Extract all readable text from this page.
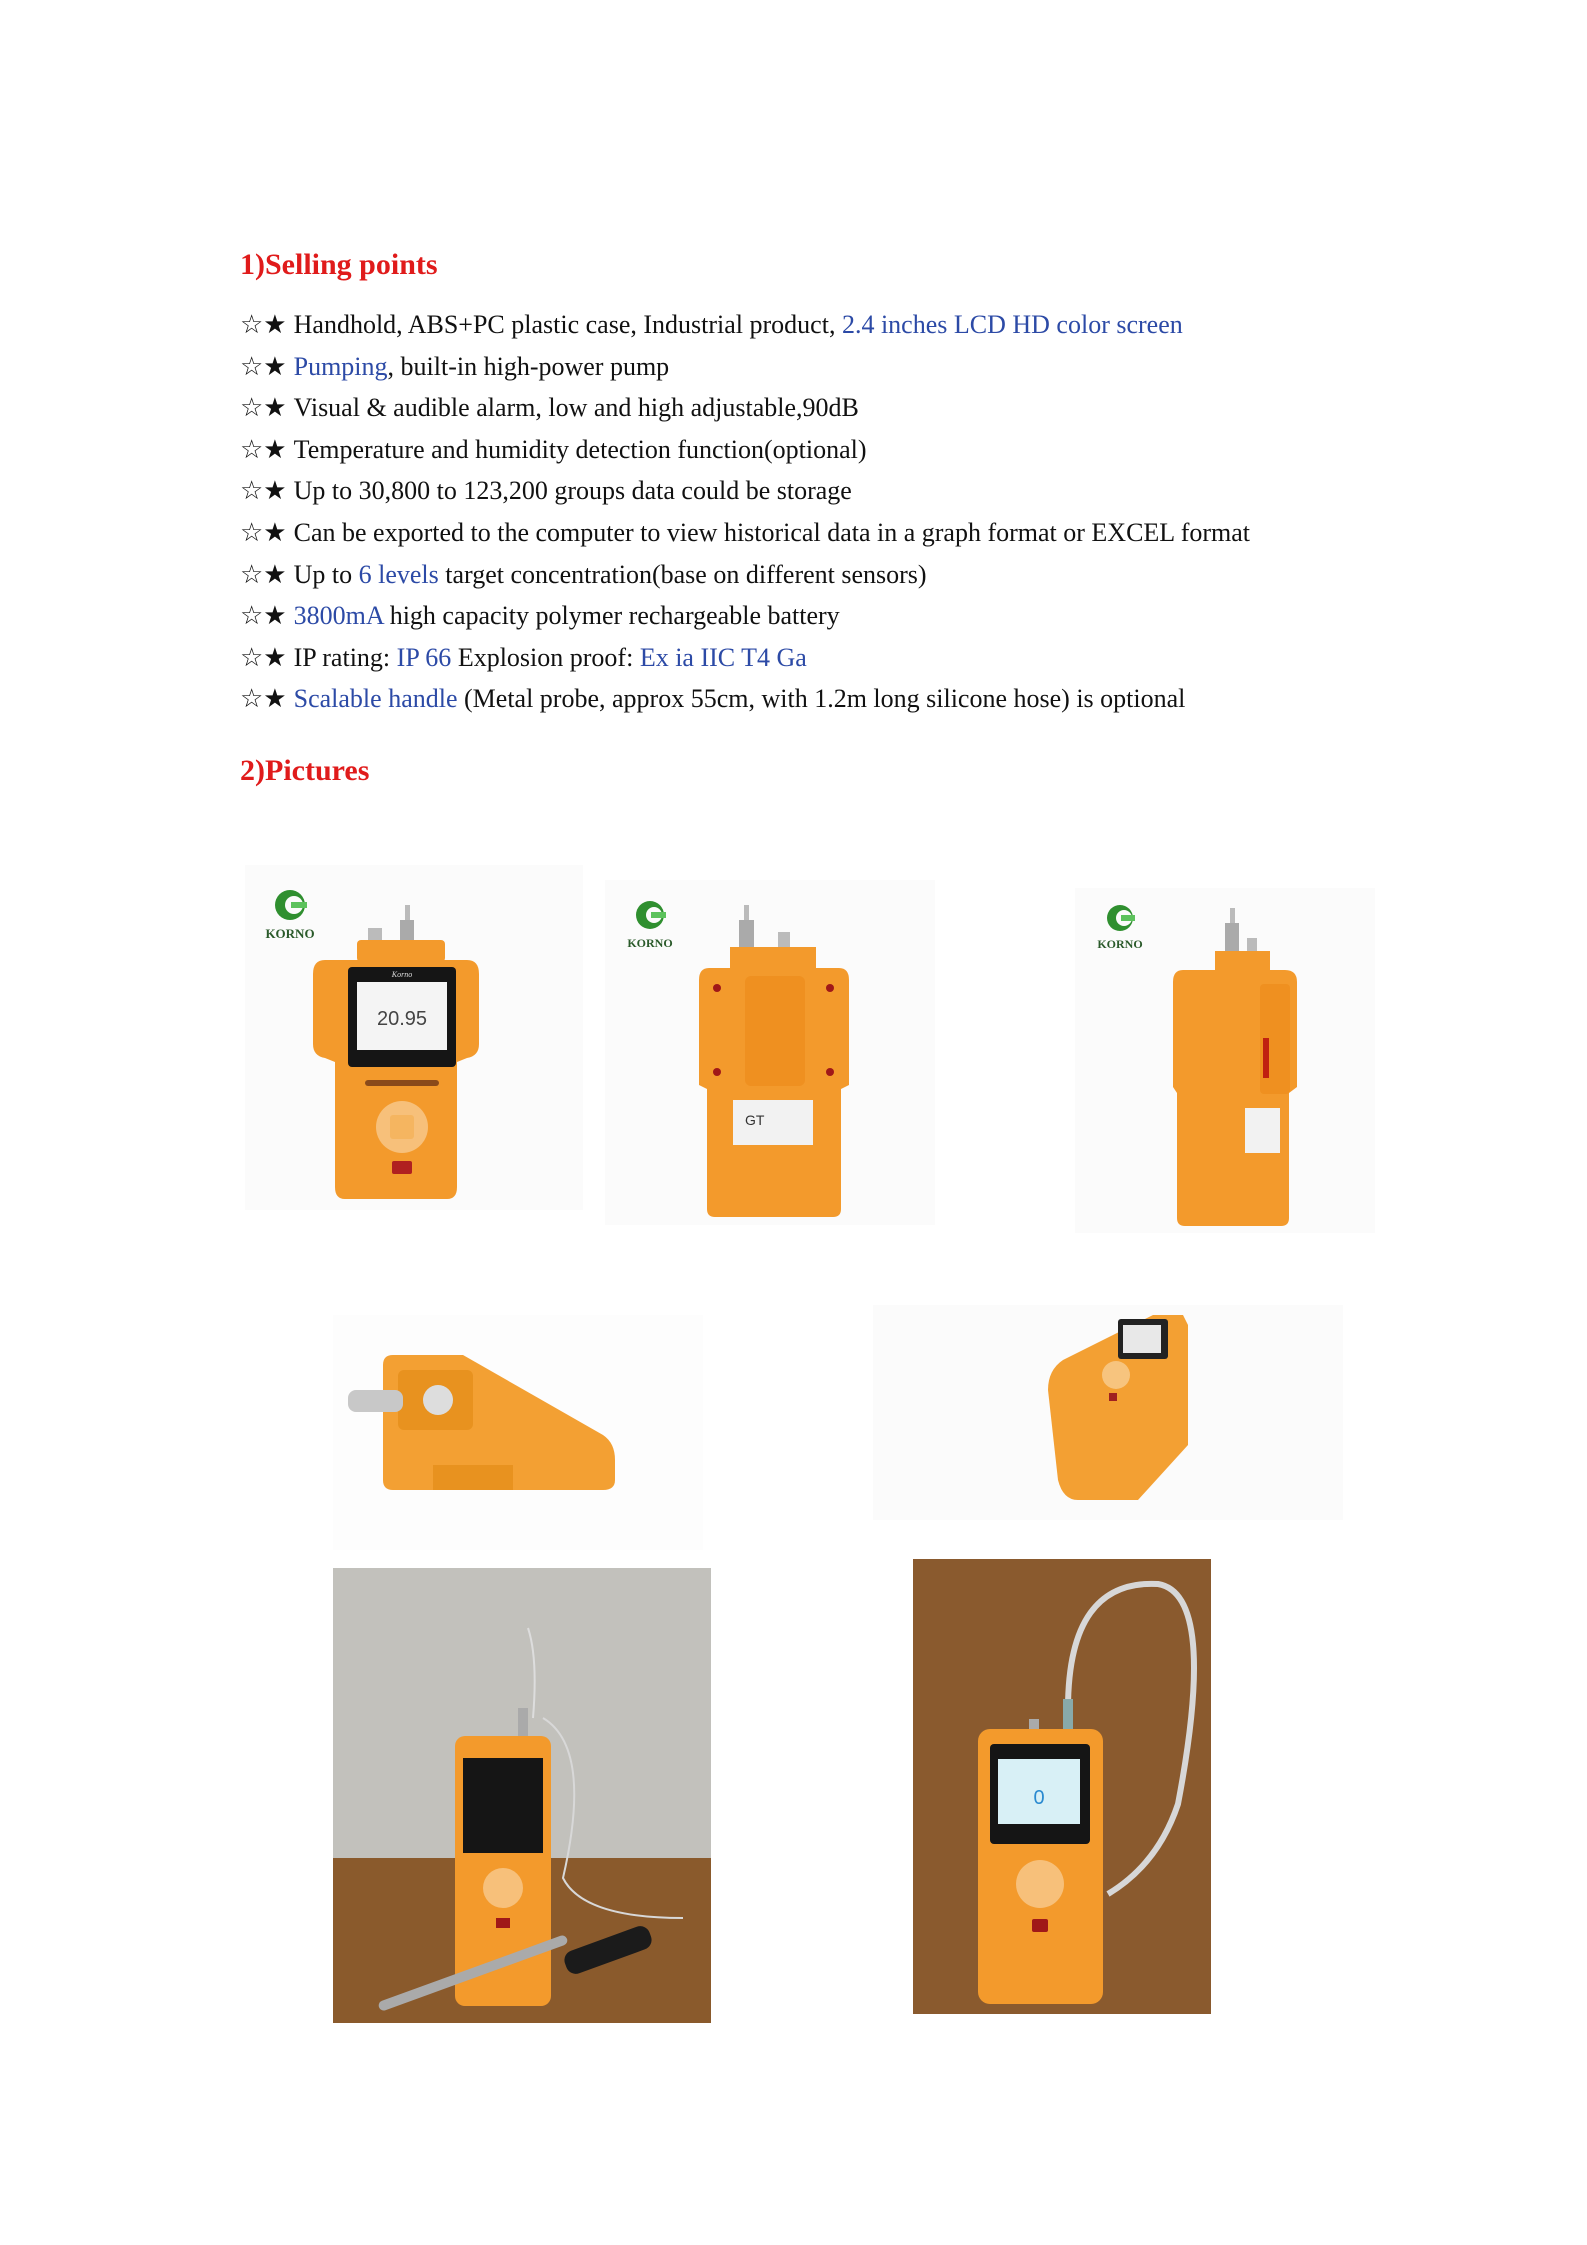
1)Selling points
☆★ Handhold, ABS+PC plastic case, Industrial product, 2.4 inches LCD HD color screen
☆★ Pumping, built-in high-power pump
☆★ Visual & audible alarm, low and high adjustable,90dB
☆★ Temperature and humidity detection function(optional)
☆★ Up to 30,800 to 123,200 groups data could be storage
☆★ Can be exported to the computer to view historical data in a graph format or EXCEL format
☆★ Up to 6 levels target concentration(base on different sensors)
☆★ 3800mA high capacity polymer rechargeable battery
☆★ IP rating: IP 66 Explosion proof: Ex ia IIC T4 Ga
☆★ Scalable handle (Metal probe, approx 55cm, with 1.2m long silicone hose) is optional
2)Pictures
KORNO
20.95
Korno
KORNO
GT
KORNO
0
